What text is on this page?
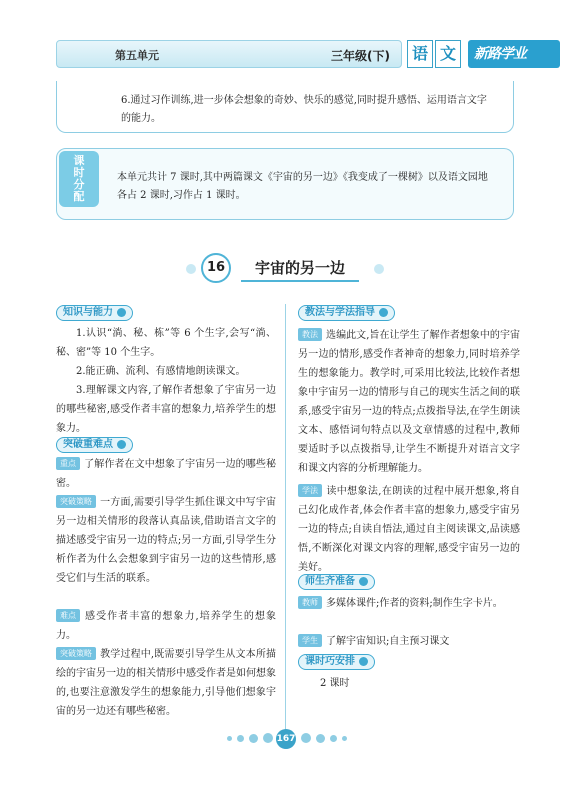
第五单元	三年级(下)	语 文	新路学业
6.通过习作训练,进一步体会想象的奇妙、快乐的感觉,同时提升感悟、运用语言文字的能力。
课
时
分
配
本单元共计 7 课时,其中两篇课文《宇宙的另一边》《我变成了一棵树》以及语文园地各占 2 课时,习作占 1 课时。
16	宇宙的另一边
知识与能力
1.认识“淌、秘、栋”等 6 个生字,会写“淌、秘、密”等 10 个生字。
2.能正确、流利、有感情地朗读课文。
3.理解课文内容,了解作者想象了宇宙另一边的哪些秘密,感受作者丰富的想象力,培养学生的想象力。
突破重难点
重点 了解作者在文中想象了宇宙另一边的哪些秘密。
突破策略 一方面,需要引导学生抓住课文中写宇宙另一边相关情形的段落认真品读,借助语言文字的描述感受宇宙另一边的特点;另一方面,引导学生分析作者为什么会想象到宇宙另一边的这些情形,感受它们与生活的联系。
难点 感受作者丰富的想象力,培养学生的想象力。
突破策略 教学过程中,既需要引导学生从文本所描绘的宇宙另一边的相关情形中感受作者是如何想象的,也要注意激发学生的想象能力,引导他们想象宇宙的另一边还有哪些秘密。
教法与学法指导
教法 选编此文,旨在让学生了解作者想象中的宇宙另一边的情形,感受作者神奇的想象力,同时培养学生的想象能力。教学时,可采用比较法,比较作者想象中宇宙另一边的情形与自己的现实生活之间的联系,感受宇宙另一边的特点;点拨指导法,在学生朗读文本、感悟词句特点以及文章情感的过程中,教师要适时予以点拨指导,让学生不断提升对语言文字和课文内容的分析理解能力。
学法 读中想象法,在朗读的过程中展开想象,将自己幻化成作者,体会作者丰富的想象力,感受宇宙另一边的特点;自读自悟法,通过自主阅读课文,品读感悟,不断深化对课文内容的理解,感受宇宙另一边的美好。
师生齐准备
教师 多媒体课件;作者的资料;制作生字卡片。
学生 了解宇宙知识;自主预习课文
课时巧安排
2 课时
167
